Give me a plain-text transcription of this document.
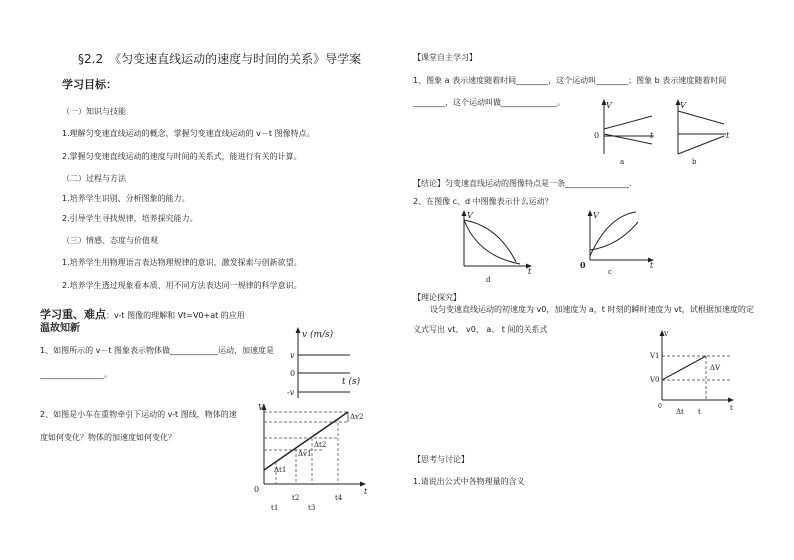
§2.2　《匀变速直线运动的速度与时间的关系》导学案
学习目标：
（一）知识与技能
1.理解匀变速直线运动的概念，掌握匀变速直线运动的 v－t 图像特点。
2.掌握匀变速直线运动的速度与时间的关系式，能进行有关的计算。
（二）过程与方法
1.培养学生识别、分析图象的能力。
2.引导学生寻找规律，培养探究能力。
（三）情感、态度与价值观
1.培养学生用物理语言表达物理规律的意识，激发探索与创新欲望。
2.培养学生透过现象看本质、用不同方法表达同一规律的科学意识。
学习重、难点：v-t 图像的理解和 Vt=V0+at 的应用
温故知新
1、如图所示的 v－t 图象表示物体做____________运动，加速度是
________________。
2、如图是小车在重物牵引下运动的 v-t 图线，物体的速
度如何变化？物体的加速度如何变化？
v (m/s)
v
0
-v
t (s)
V
t
0
t1
t2
t3
t4
Δv2
Δv1
Δt2
Δt1
【课堂自主学习】
1、图象 a 表示速度随着时间________，这个运动叫________；图象 b 表示速度随着时间
________，这个运动叫做______________。	V
0	t
a
V
t
b
【结论】匀变速直线运动的图像特点是一条________________.
2、在图像 c、d 中图像表示什么运动？
V
t
d
V
0	t
c
【理论探究】
设匀变速直线运动的初速度为 v0，加速度为 a，t 时刻的瞬时速度为 vt，试根据加速度的定
义式写出 vt、 v0、 a、 t 间的关系式
V
V1
V0
ΔV
0
Δt t	t
【思考与讨论】
1.请说出公式中各物理量的含义
